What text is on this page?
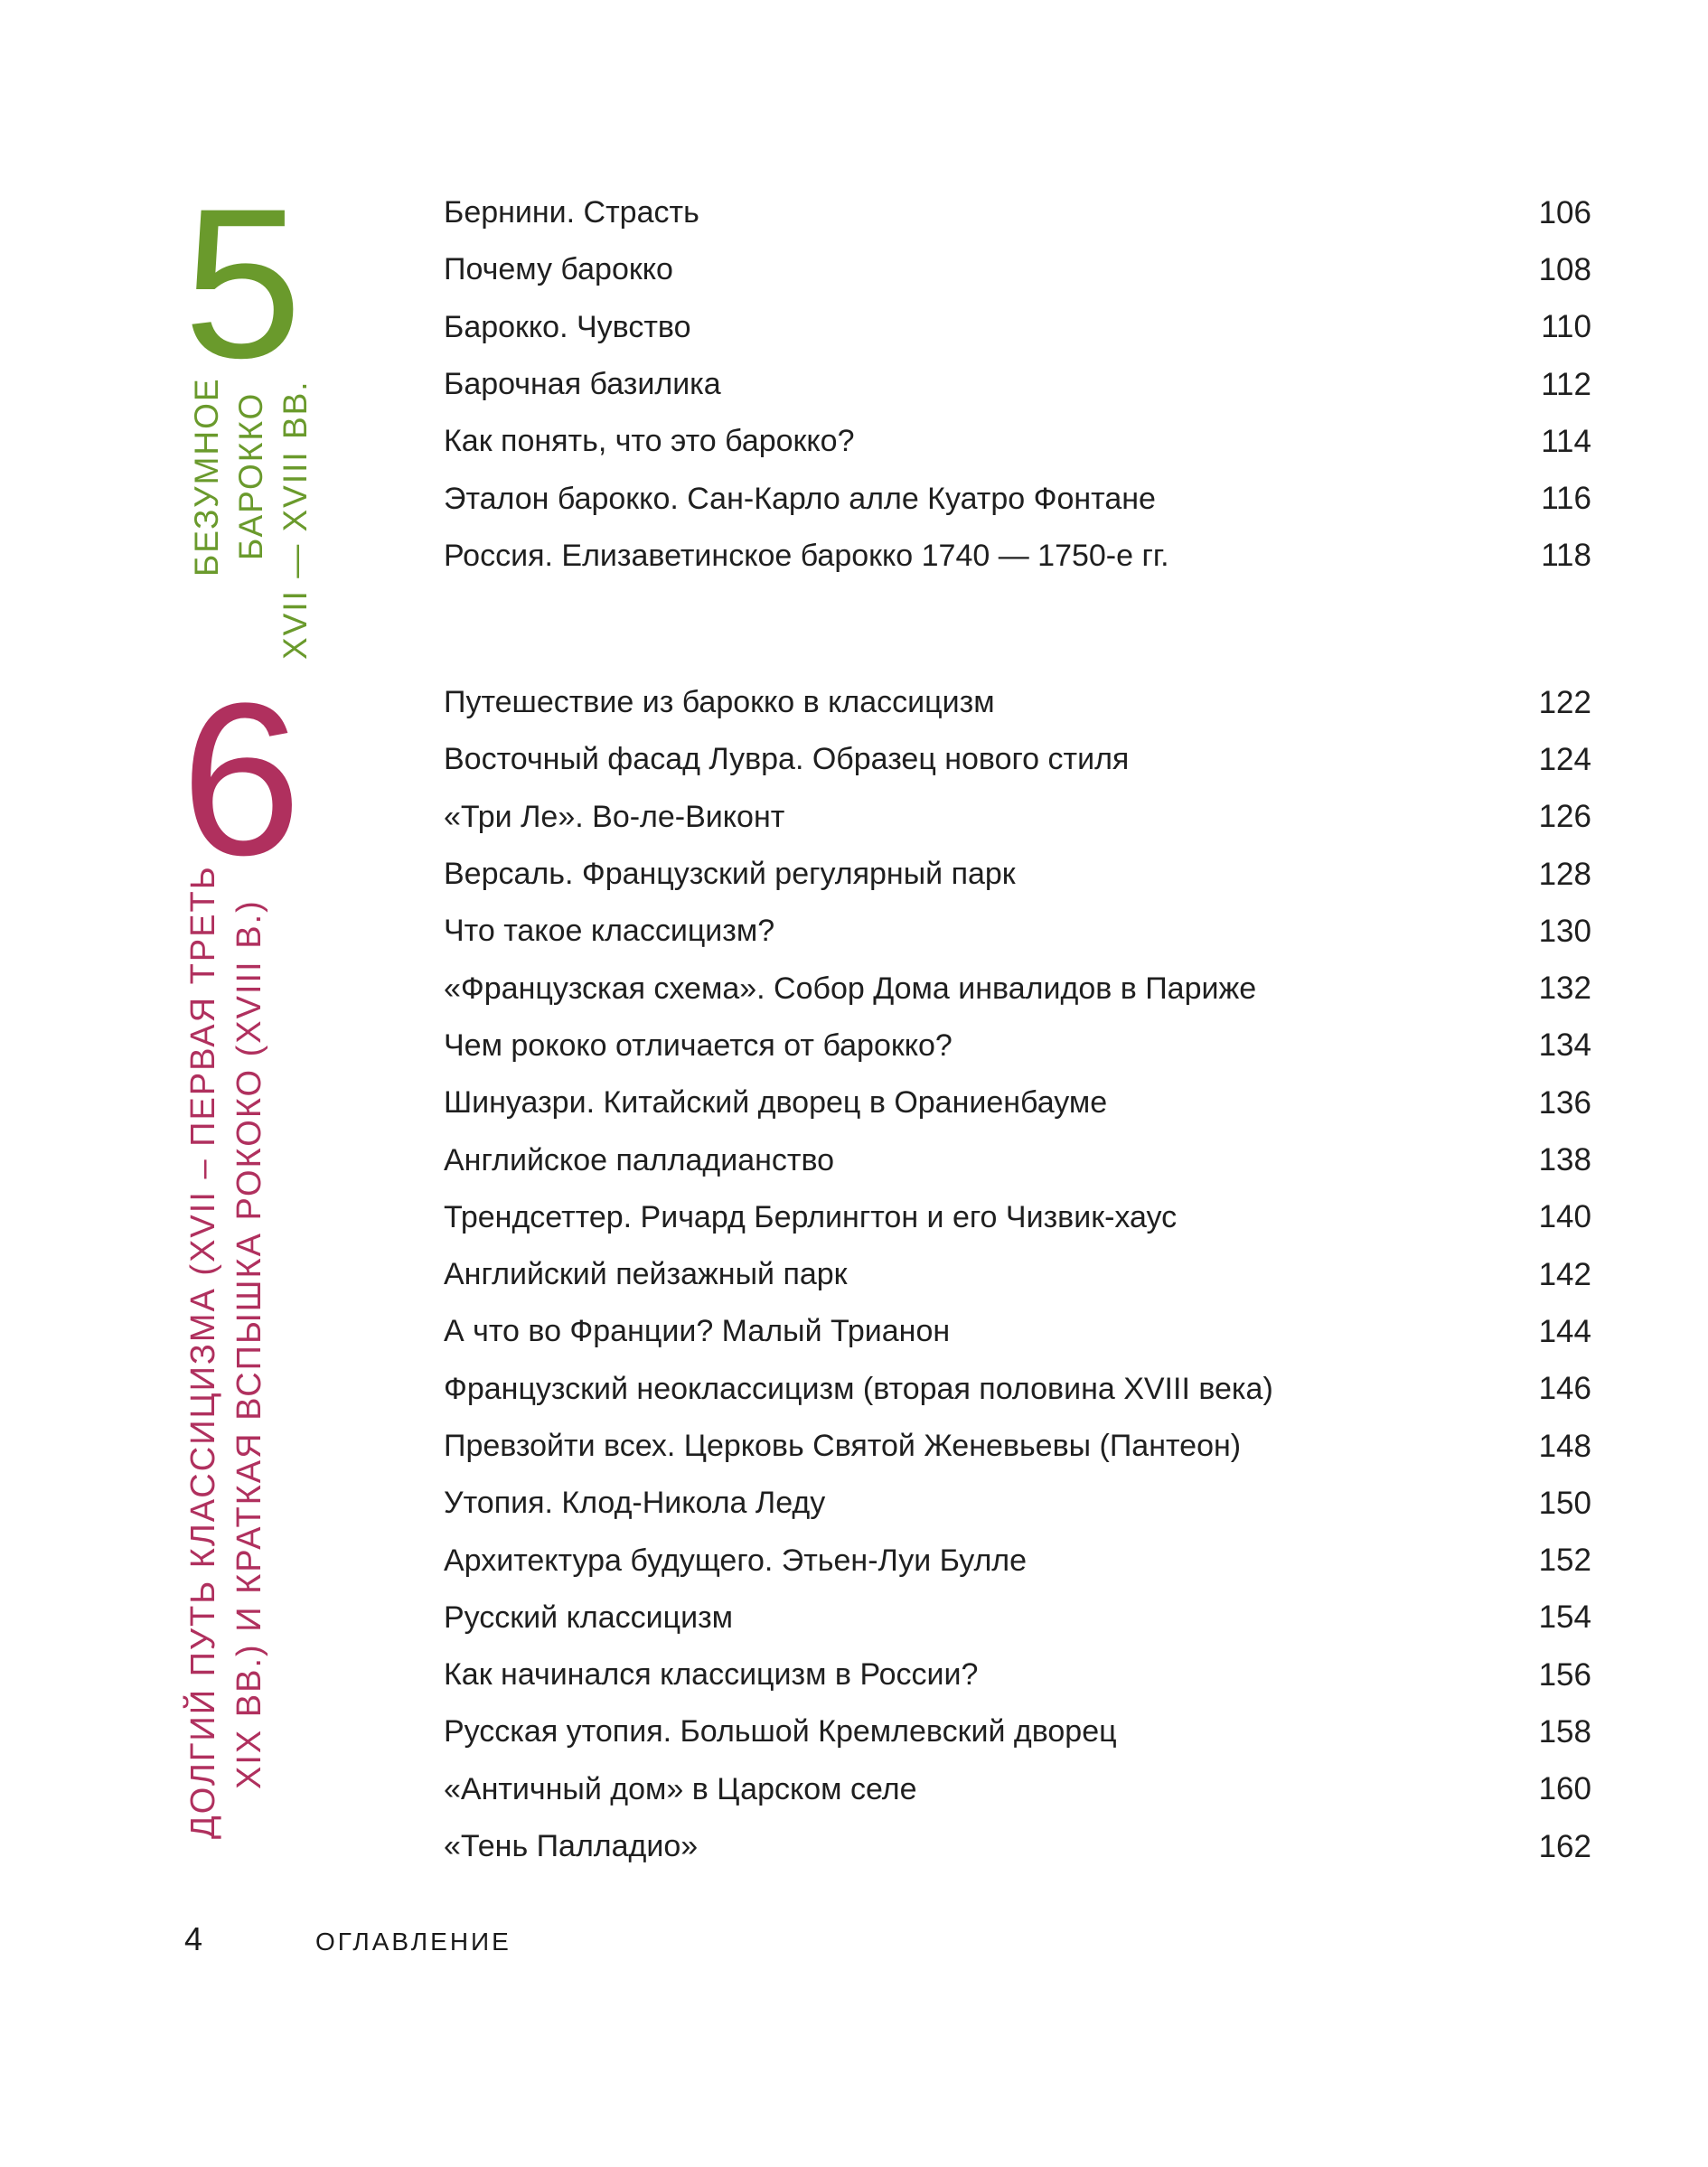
5
БЕЗУМНОЕ БАРОККО XVII — XVIII ВВ.
Бернини. Страсть	106
Почему барокко	108
Барокко. Чувство	110
Барочная базилика	112
Как понять, что это барокко?	114
Эталон барокко. Сан-Карло алле Куатро Фонтане	116
Россия. Елизаветинское барокко 1740 — 1750-е гг.	118
6
ДОЛГИЙ ПУТЬ КЛАССИЦИЗМА (XVII – ПЕРВАЯ ТРЕТЬ XIX ВВ.) И КРАТКАЯ ВСПЫШКА РОКОКО (XVIII В.)
Путешествие из барокко в классицизм	122
Восточный фасад Лувра. Образец нового стиля	124
«Три Ле». Во-ле-Виконт	126
Версаль. Французский регулярный парк	128
Что такое классицизм?	130
«Французская схема». Собор Дома инвалидов в Париже	132
Чем рококо отличается от барокко?	134
Шинуазри. Китайский дворец в Ораниенбауме	136
Английское палладианство	138
Трендсеттер. Ричард Берлингтон и его Чизвик-хаус	140
Английский пейзажный парк	142
А что во Франции? Малый Трианон	144
Французский неоклассицизм (вторая половина XVIII века)	146
Превзойти всех. Церковь Святой Женевьевы (Пантеон)	148
Утопия. Клод-Никола Леду	150
Архитектура будущего. Этьен-Луи Булле	152
Русский классицизм	154
Как начинался классицизм в России?	156
Русская утопия. Большой Кремлевский дворец	158
«Античный дом» в Царском селе	160
«Тень Палладио»	162
4	ОГЛАВЛЕНИЕ
